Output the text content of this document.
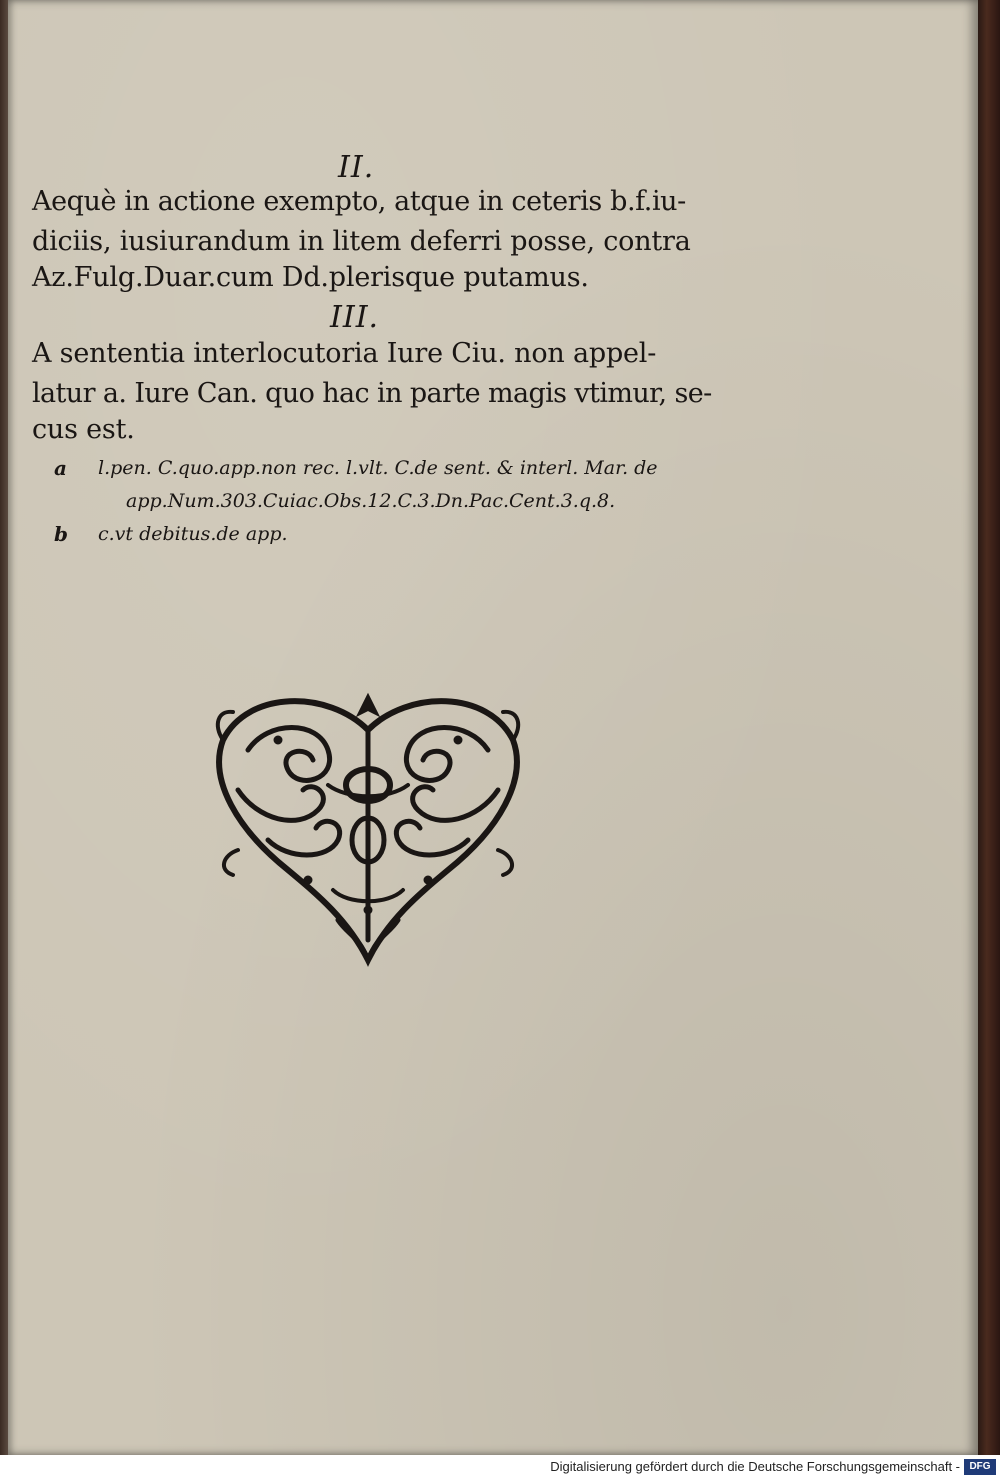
II.
Aequè in actione exempto, atque in ceteris b.f.iu-
diciis, iusiurandum in litem deferri posse, contra
Az.Fulg.Duar.cum Dd.plerisque putamus.
III.
A sententia interlocutoria Iure Ciu. non appel-
latur a. Iure Can. quo hac in parte magis vtimur, se-
cus est.
a l.pen. C.quo.app.non rec. l.vlt. C.de sent. & interl. Mar. de
app.Num.303.Cuiac.Obs.12.C.3.Dn.Pac.Cent.3.q.8.
b c.vt debitus.de app.
Digitalisierung gefördert durch die Deutsche Forschungsgemeinschaft - DFG
